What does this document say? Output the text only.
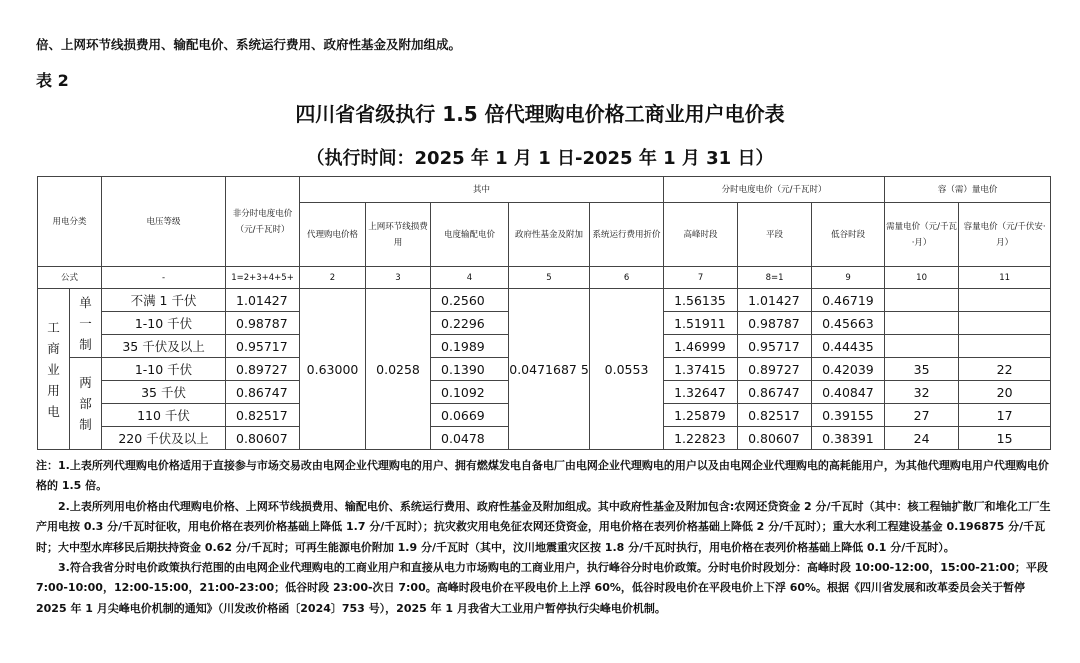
倍、上网环节线损费用、输配电价、系统运行费用、政府性基金及附加组成。
表 2
四川省省级执行 1.5 倍代理购电价格工商业用户电价表
（执行时间：2025 年 1 月 1 日-2025 年 1 月 31 日）
用电分类		电压等级	非分时电度电价（元/千瓦时）	其中					分时电度电价（元/千瓦时）			容（需）量电价	
				代理购电价格	上网环节线损费用	电度输配电价	政府性基金及附加	系统运行费用折价	高峰时段	平段	低谷时段	需量电价（元/千瓦·月）	容量电价（元/千伏安·月）
公式		-	1=2+3+4+5+	2	3	4	5	6	7	8=1	9	10	11

工商业用电	单一制	不满 1 千伏	1.01427	0.63000	0.0258	0.2560	0.0471687 5	0.0553	1.56135	1.01427	0.46719		
		1-10 千伏	0.98787			0.2296			1.51911	0.98787	0.45663		
		35 千伏及以上	0.95717			0.1989			1.46999	0.95717	0.44435		

	两部制	1-10 千伏	0.89727			0.1390			1.37415	0.89727	0.42039	35	22
		35 千伏	0.86747			0.1092			1.32647	0.86747	0.40847	32	20
		110 千伏	0.82517			0.0669			1.25879	0.82517	0.39155	27	17
		220 千伏及以上	0.80607			0.0478			1.22823	0.80607	0.38391	24	15

注：1.上表所列代理购电价格适用于直接参与市场交易改由电网企业代理购电的用户、拥有燃煤发电自备电厂由电网企业代理购电的用户以及由电网企业代理购电的高耗能用户，为其他代理购电用户代理购电价格的 1.5 倍。

2.上表所列用电价格由代理购电价格、上网环节线损费用、输配电价、系统运行费用、政府性基金及附加组成。其中政府性基金及附加包含:农网还贷资金 2 分/千瓦时（其中：核工程铀扩散厂和堆化工厂生产用电按 0.3 分/千瓦时征收，用电价格在表列价格基础上降低 1.7 分/千瓦时）；抗灾救灾用电免征农网还贷资金，用电价格在表列价格基础上降低 2 分/千瓦时）；重大水利工程建设基金 0.196875 分/千瓦时；大中型水库移民后期扶持资金 0.62 分/千瓦时；可再生能源电价附加 1.9 分/千瓦时（其中，汶川地震重灾区按 1.8 分/千瓦时执行，用电价格在表列价格基础上降低 0.1 分/千瓦时）。

3.符合我省分时电价政策执行范围的由电网企业代理购电的工商业用户和直接从电力市场购电的工商业用户，执行峰谷分时电价政策。分时电价时段划分：高峰时段 10:00-12:00，15:00-21:00；平段 7:00-10:00，12:00-15:00，21:00-23:00；低谷时段 23:00-次日 7:00。高峰时段电价在平段电价上上浮 60%，低谷时段电价在平段电价上下浮 60%。根据《四川省发展和改革委员会关于暂停 2025 年 1 月尖峰电价机制的通知》（川发改价格函〔2024〕753 号），2025 年 1 月我省大工业用户暂停执行尖峰电价机制。
